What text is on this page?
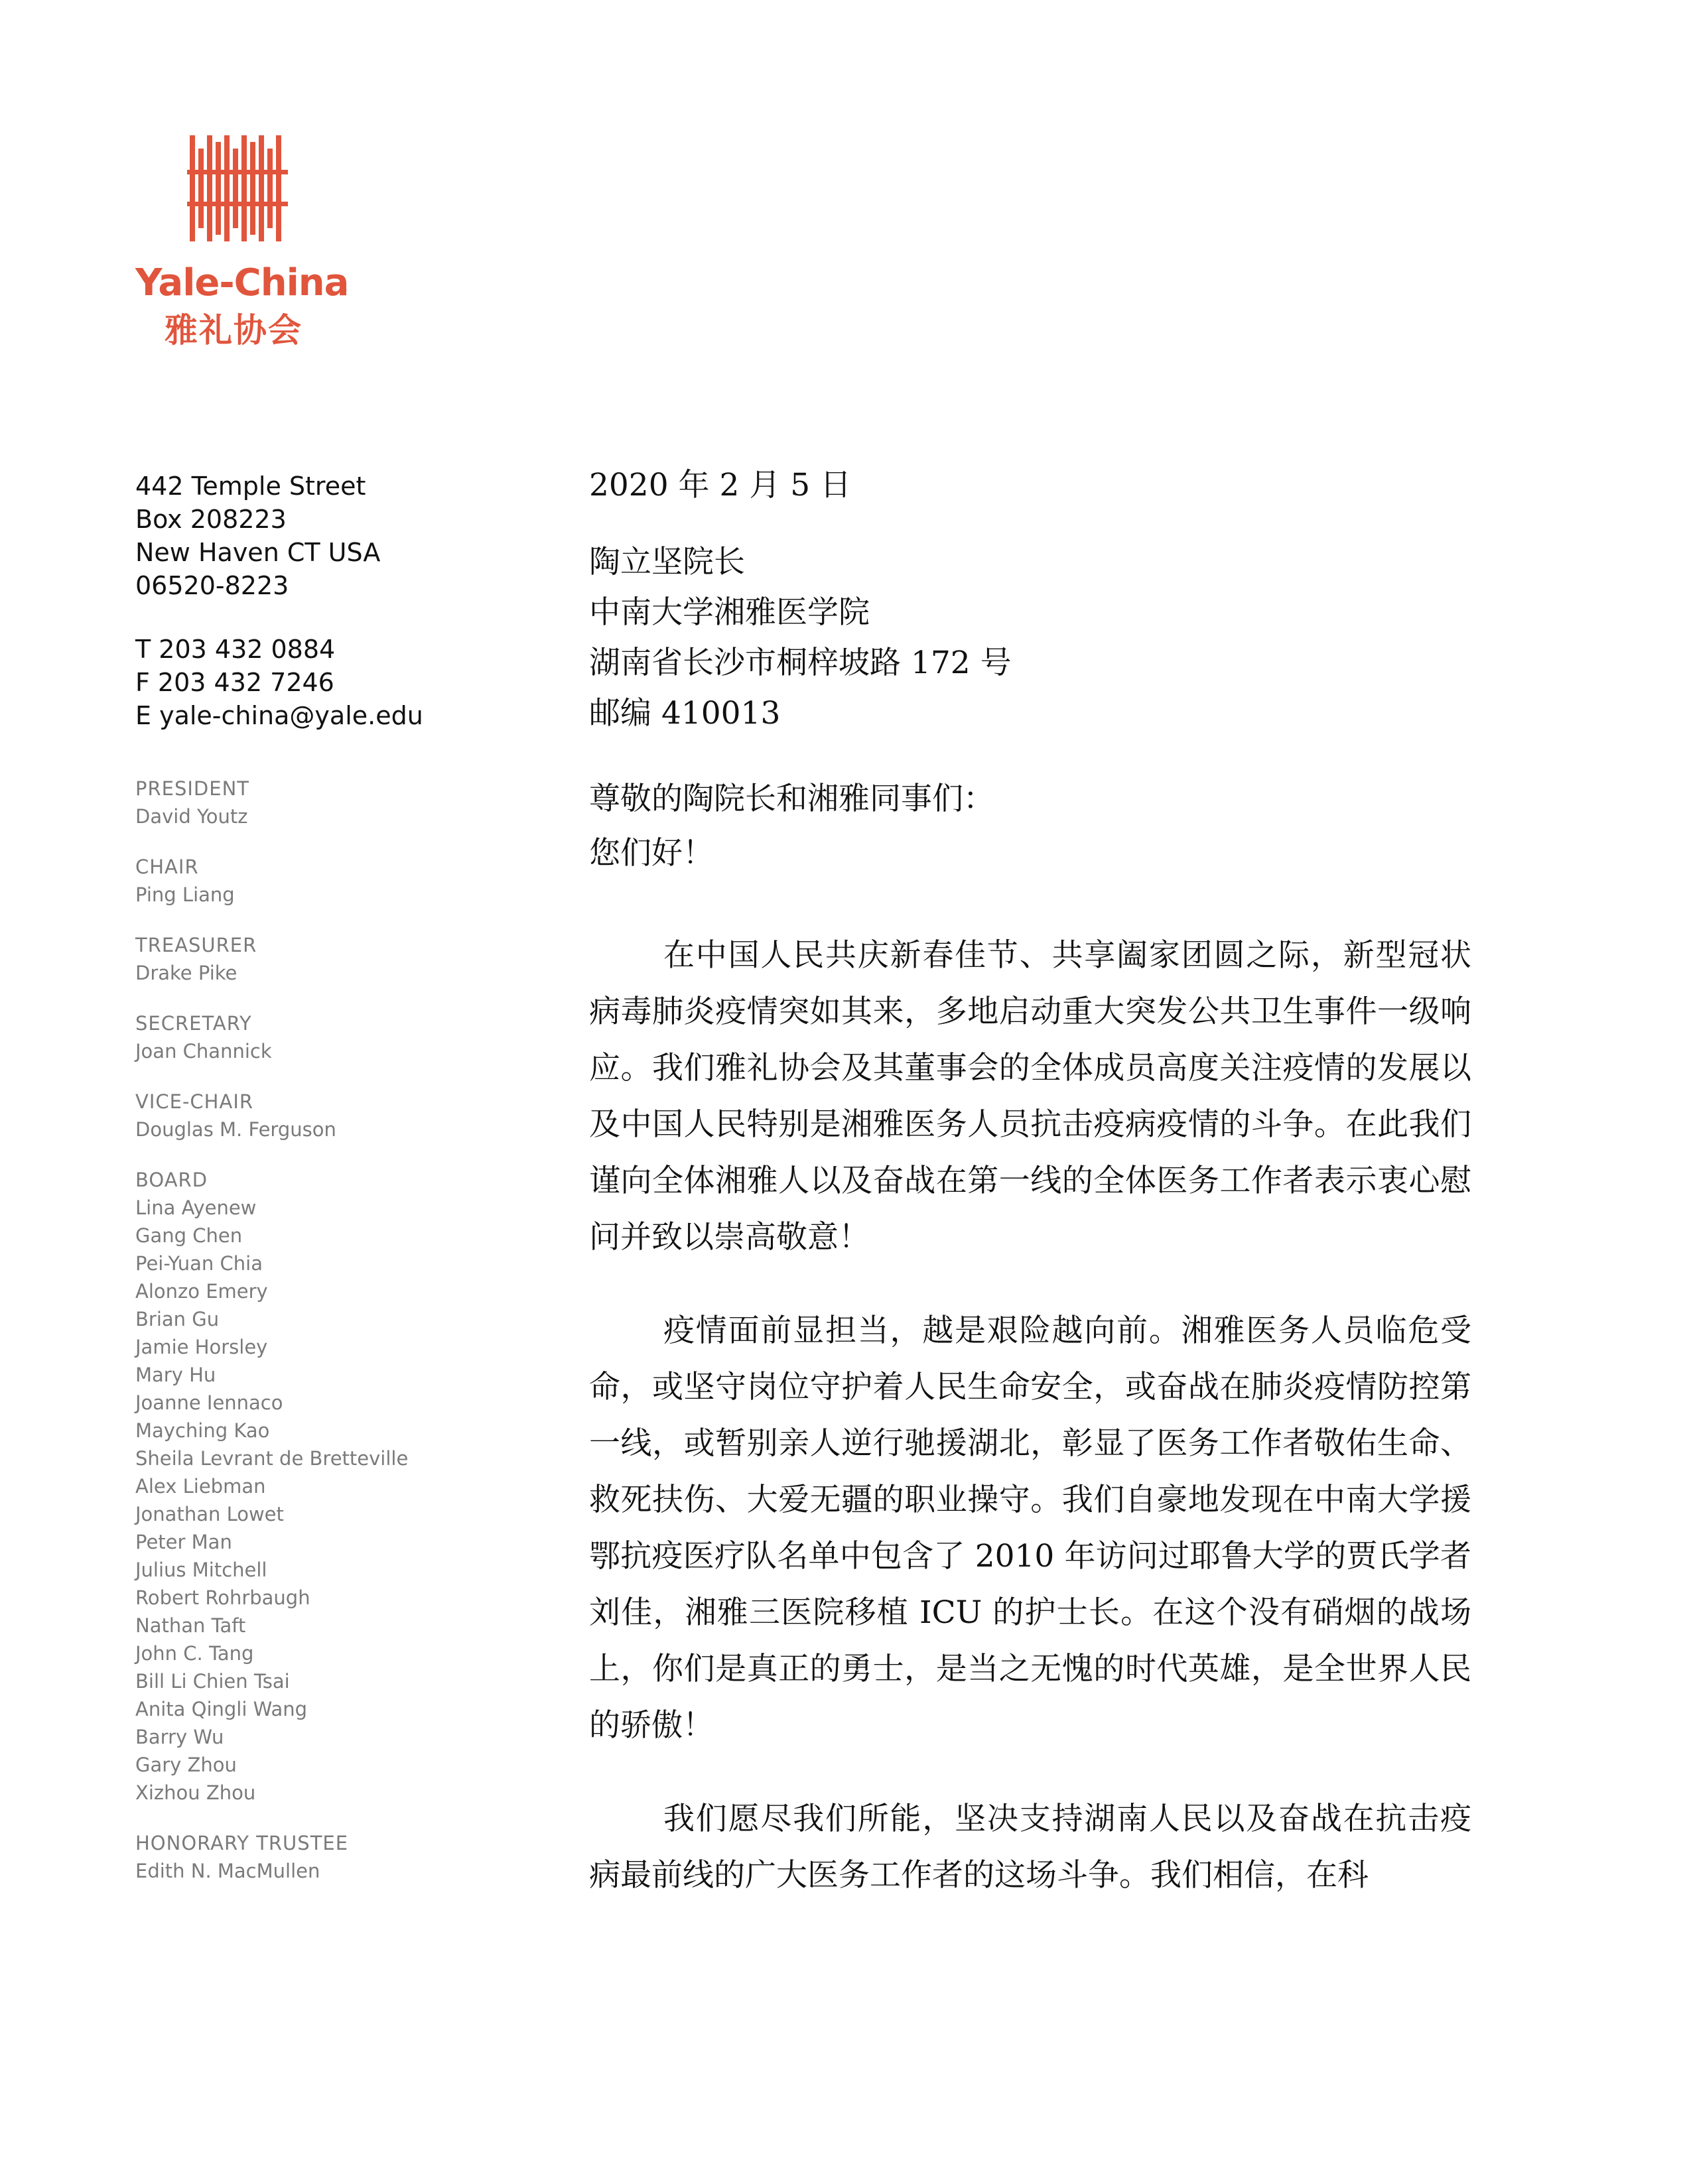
Yale-China
雅礼协会
442 Temple Street
Box 208223
New Haven CT USA
06520-8223
T 203 432 0884
F 203 432 7246
E yale-china@yale.edu
PRESIDENT
David Youtz
CHAIR
Ping Liang
TREASURER
Drake Pike
SECRETARY
Joan Channick
VICE-CHAIR
Douglas M. Ferguson
BOARD
Lina Ayenew
Gang Chen
Pei-Yuan Chia
Alonzo Emery
Brian Gu
Jamie Horsley
Mary Hu
Joanne Iennaco
Mayching Kao
Sheila Levrant de Bretteville
Alex Liebman
Jonathan Lowet
Peter Man
Julius Mitchell
Robert Rohrbaugh
Nathan Taft
John C. Tang
Bill Li Chien Tsai
Anita Qingli Wang
Barry Wu
Gary Zhou
Xizhou Zhou
HONORARY TRUSTEE
Edith N. MacMullen
2020 年 2 月 5 日
陶立坚院长
中南大学湘雅医学院
湖南省长沙市桐梓坡路 172 号
邮编 410013
尊敬的陶院长和湘雅同事们：
您们好！
在中国人民共庆新春佳节、共享阖家团圆之际，新型冠状病毒肺炎疫情突如其来，多地启动重大突发公共卫生事件一级响应。我们雅礼协会及其董事会的全体成员高度关注疫情的发展以及中国人民特别是湘雅医务人员抗击疫病疫情的斗争。在此我们谨向全体湘雅人以及奋战在第一线的全体医务工作者表示衷心慰问并致以崇高敬意！
疫情面前显担当，越是艰险越向前。湘雅医务人员临危受命，或坚守岗位守护着人民生命安全，或奋战在肺炎疫情防控第一线，或暂别亲人逆行驰援湖北，彰显了医务工作者敬佑生命、救死扶伤、大爱无疆的职业操守。我们自豪地发现在中南大学援鄂抗疫医疗队名单中包含了 2010 年访问过耶鲁大学的贾氏学者刘佳，湘雅三医院移植 ICU 的护士长。在这个没有硝烟的战场上，你们是真正的勇士，是当之无愧的时代英雄，是全世界人民的骄傲！
我们愿尽我们所能，坚决支持湖南人民以及奋战在抗击疫病最前线的广大医务工作者的这场斗争。我们相信，在科
